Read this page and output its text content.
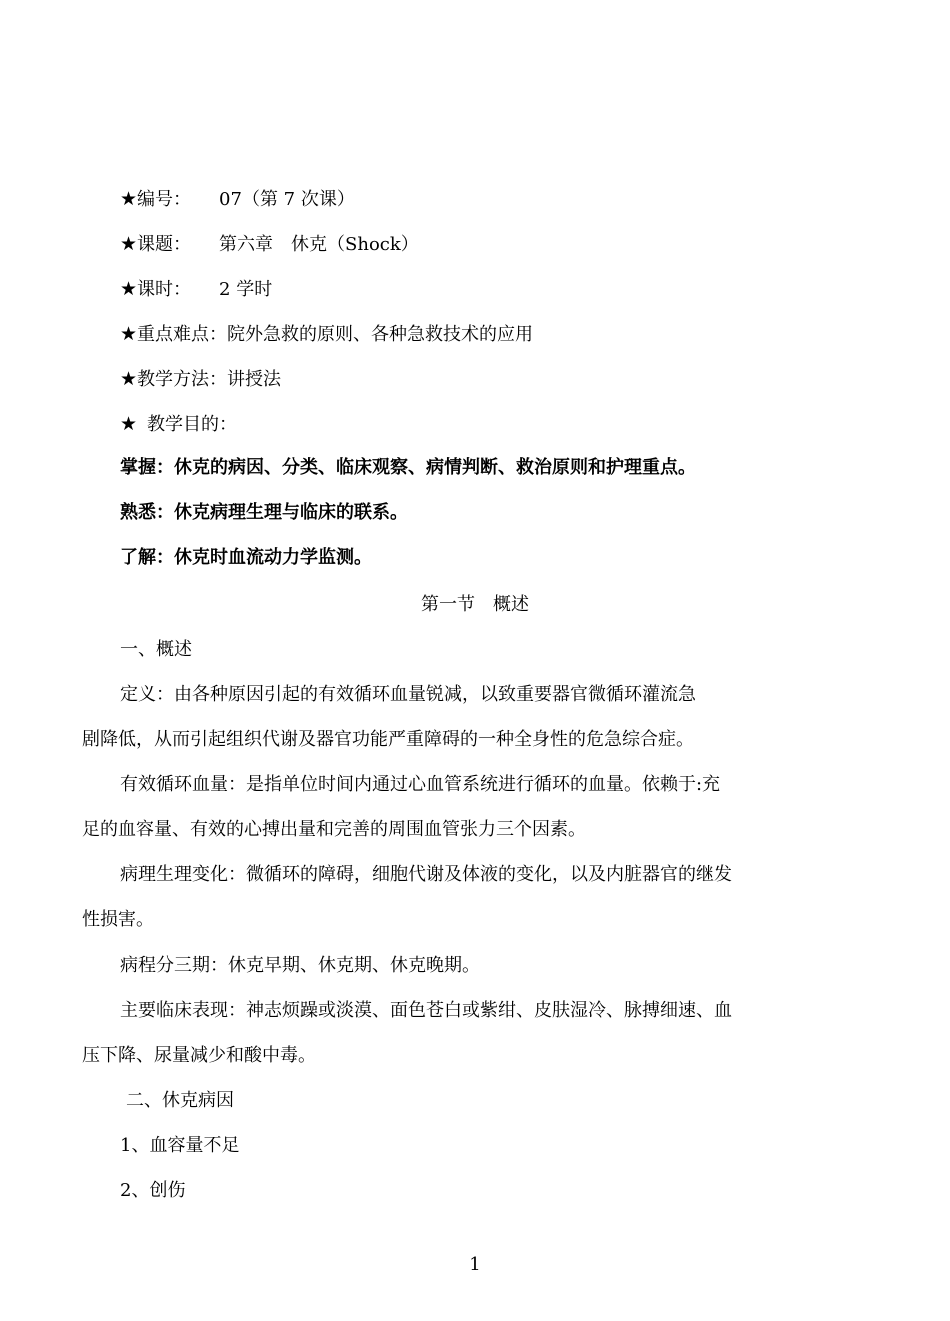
★编号： 07（第 7 次课）
★课题： 第六章　休克（Shock）
★课时： 2 学时
★重点难点：院外急救的原则、各种急救技术的应用
★教学方法：讲授法
★ 教学目的：
掌握：休克的病因、分类、临床观察、病情判断、救治原则和护理重点。
熟悉：休克病理生理与临床的联系。
了解：休克时血流动力学监测。
第一节　概述
一、概述
定义：由各种原因引起的有效循环血量锐减，以致重要器官微循环灌流急
剧降低，从而引起组织代谢及器官功能严重障碍的一种全身性的危急综合症。
有效循环血量：是指单位时间内通过心血管系统进行循环的血量。依赖于:充
足的血容量、有效的心搏出量和完善的周围血管张力三个因素。
病理生理变化：微循环的障碍，细胞代谢及体液的变化，以及内脏器官的继发
性损害。
病程分三期：休克早期、休克期、休克晚期。
主要临床表现：神志烦躁或淡漠、面色苍白或紫绀、皮肤湿冷、脉搏细速、血
压下降、尿量减少和酸中毒。
二、休克病因
1、血容量不足
2、创伤
1
